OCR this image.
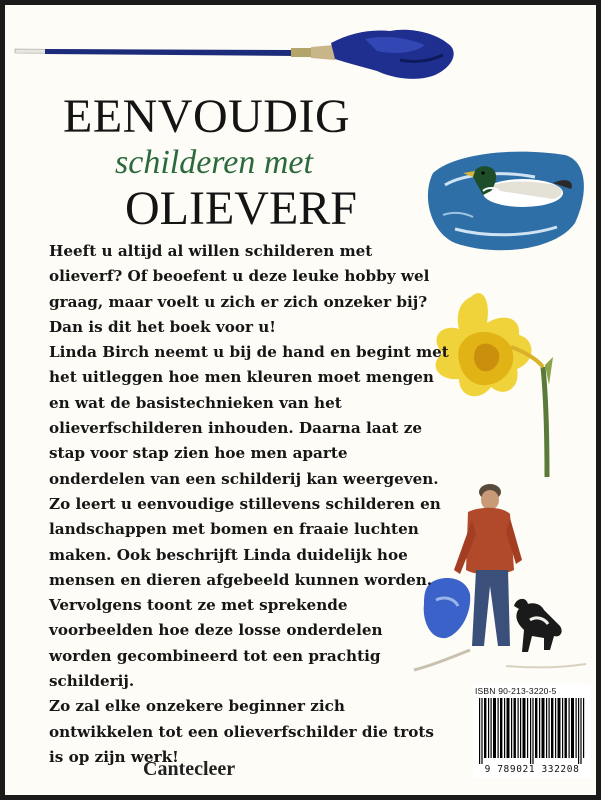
EENVOUDIG
schilderen met
OLIEVERF

Heeft u altijd al willen schilderen met olieverf? Of beoefent u deze leuke hobby wel graag, maar voelt u zich er zich onzeker bij? Dan is dit het boek voor u!

Linda Birch neemt u bij de hand en begint met het uitleggen hoe men kleuren moet mengen en wat de basistechnieken van het olieverfschilderen inhouden. Daarna laat ze stap voor stap zien hoe men aparte onderdelen van een schilderij kan weergeven. Zo leert u eenvoudige stillevens schilderen en landschappen met bomen en fraaie luchten maken. Ook beschrijft Linda duidelijk hoe mensen en dieren afgebeeld kunnen worden. Vervolgens toont ze met sprekende voorbeelden hoe deze losse onderdelen worden gecombineerd tot een prachtig schilderij.

Zo zal elke onzekere beginner zich ontwikkelen tot een olieverfschilder die trots is op zijn werk!

ISBN 90-213-3220-5
9 789021 332208
Cantecleer
